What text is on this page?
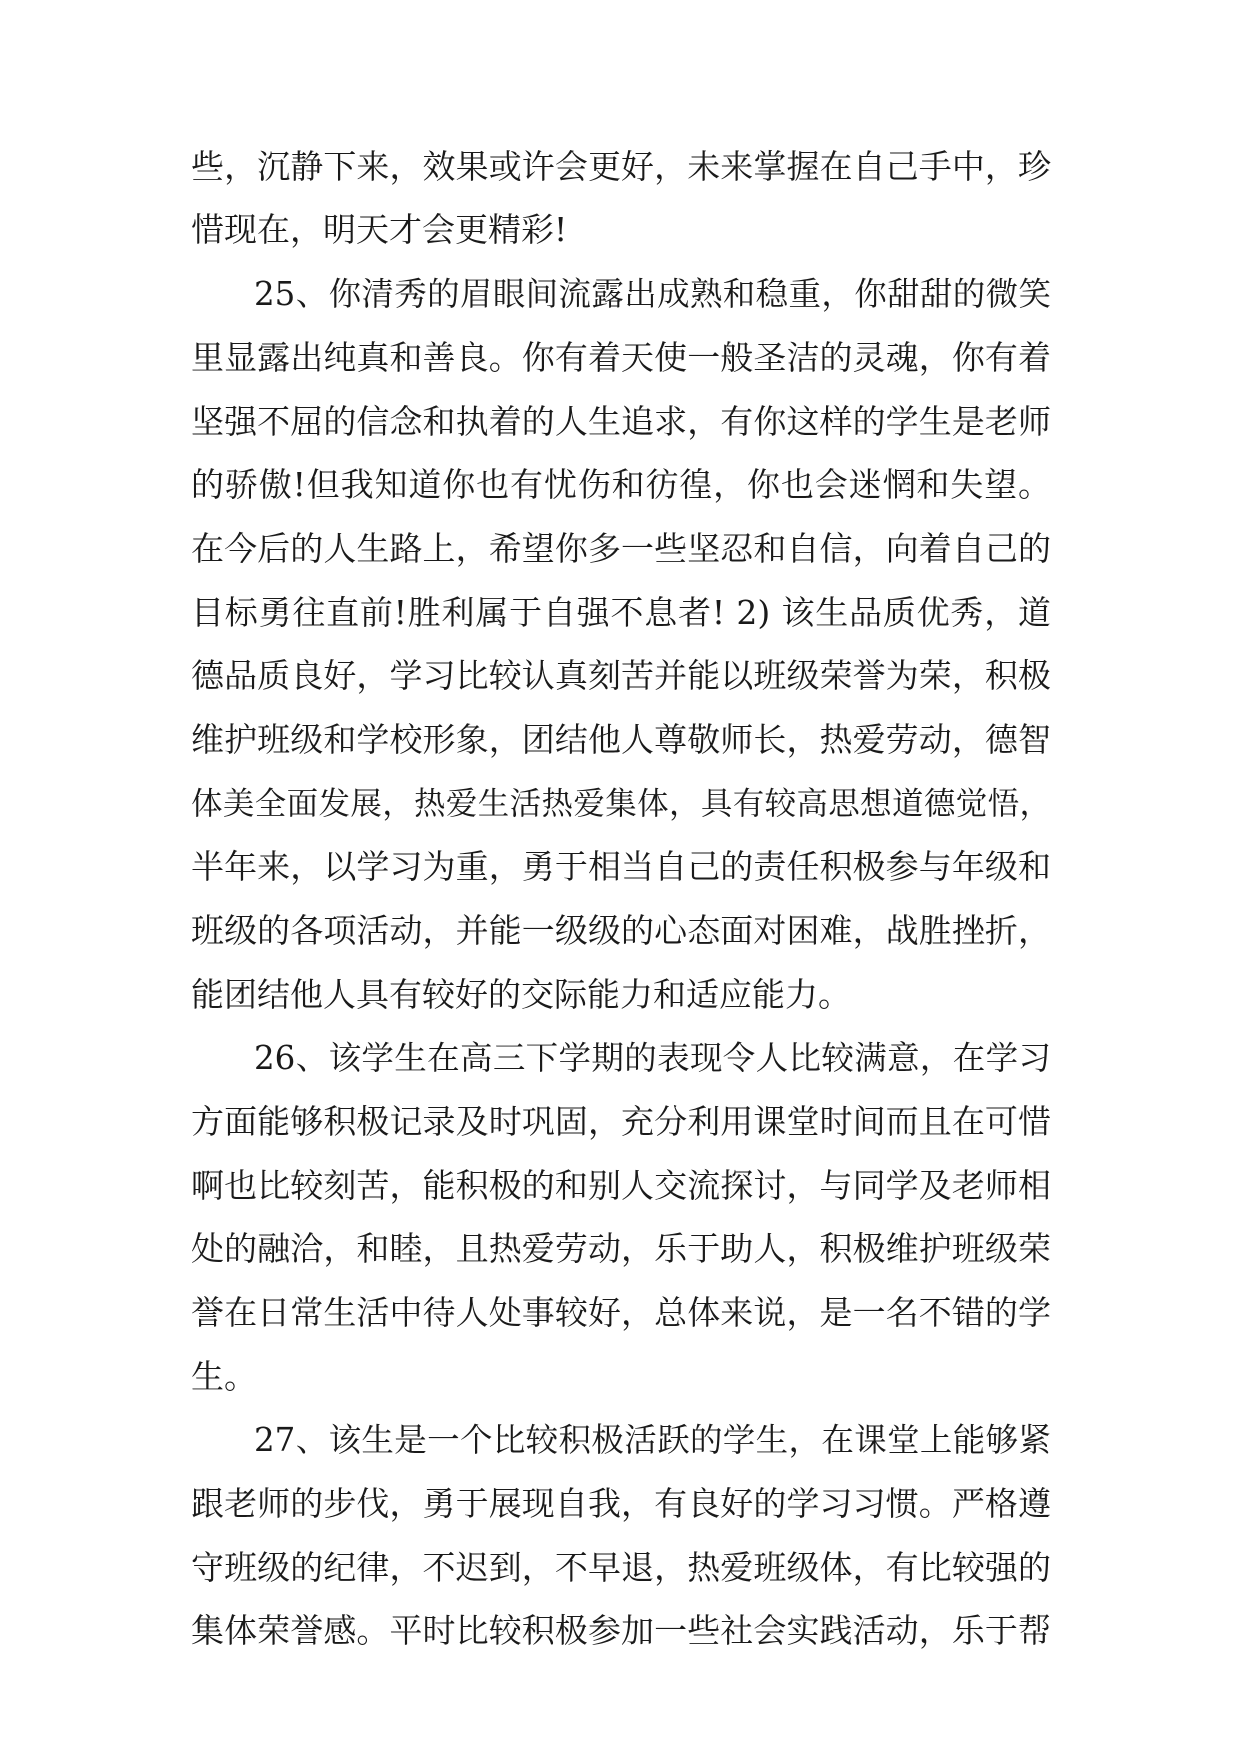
些，沉静下来，效果或许会更好，未来掌握在自己手中，珍
惜现在，明天才会更精彩!
25、你清秀的眉眼间流露出成熟和稳重，你甜甜的微笑
里显露出纯真和善良。你有着天使一般圣洁的灵魂，你有着
坚强不屈的信念和执着的人生追求，有你这样的学生是老师
的骄傲!但我知道你也有忧伤和彷徨，你也会迷惘和失望。
在今后的人生路上，希望你多一些坚忍和自信，向着自己的
目标勇往直前!胜利属于自强不息者! 2) 该生品质优秀，道
德品质良好，学习比较认真刻苦并能以班级荣誉为荣，积极
维护班级和学校形象，团结他人尊敬师长，热爱劳动，德智
体美全面发展，热爱生活热爱集体，具有较高思想道德觉悟，
半年来，以学习为重，勇于相当自己的责任积极参与年级和
班级的各项活动，并能一级级的心态面对困难，战胜挫折，
能团结他人具有较好的交际能力和适应能力。
26、该学生在高三下学期的表现令人比较满意，在学习
方面能够积极记录及时巩固，充分利用课堂时间而且在可惜
啊也比较刻苦，能积极的和别人交流探讨，与同学及老师相
处的融洽，和睦，且热爱劳动，乐于助人，积极维护班级荣
誉在日常生活中待人处事较好，总体来说，是一名不错的学
生。
27、该生是一个比较积极活跃的学生，在课堂上能够紧
跟老师的步伐，勇于展现自我，有良好的学习习惯。严格遵
守班级的纪律，不迟到，不早退，热爱班级体，有比较强的
集体荣誉感。平时比较积极参加一些社会实践活动，乐于帮
